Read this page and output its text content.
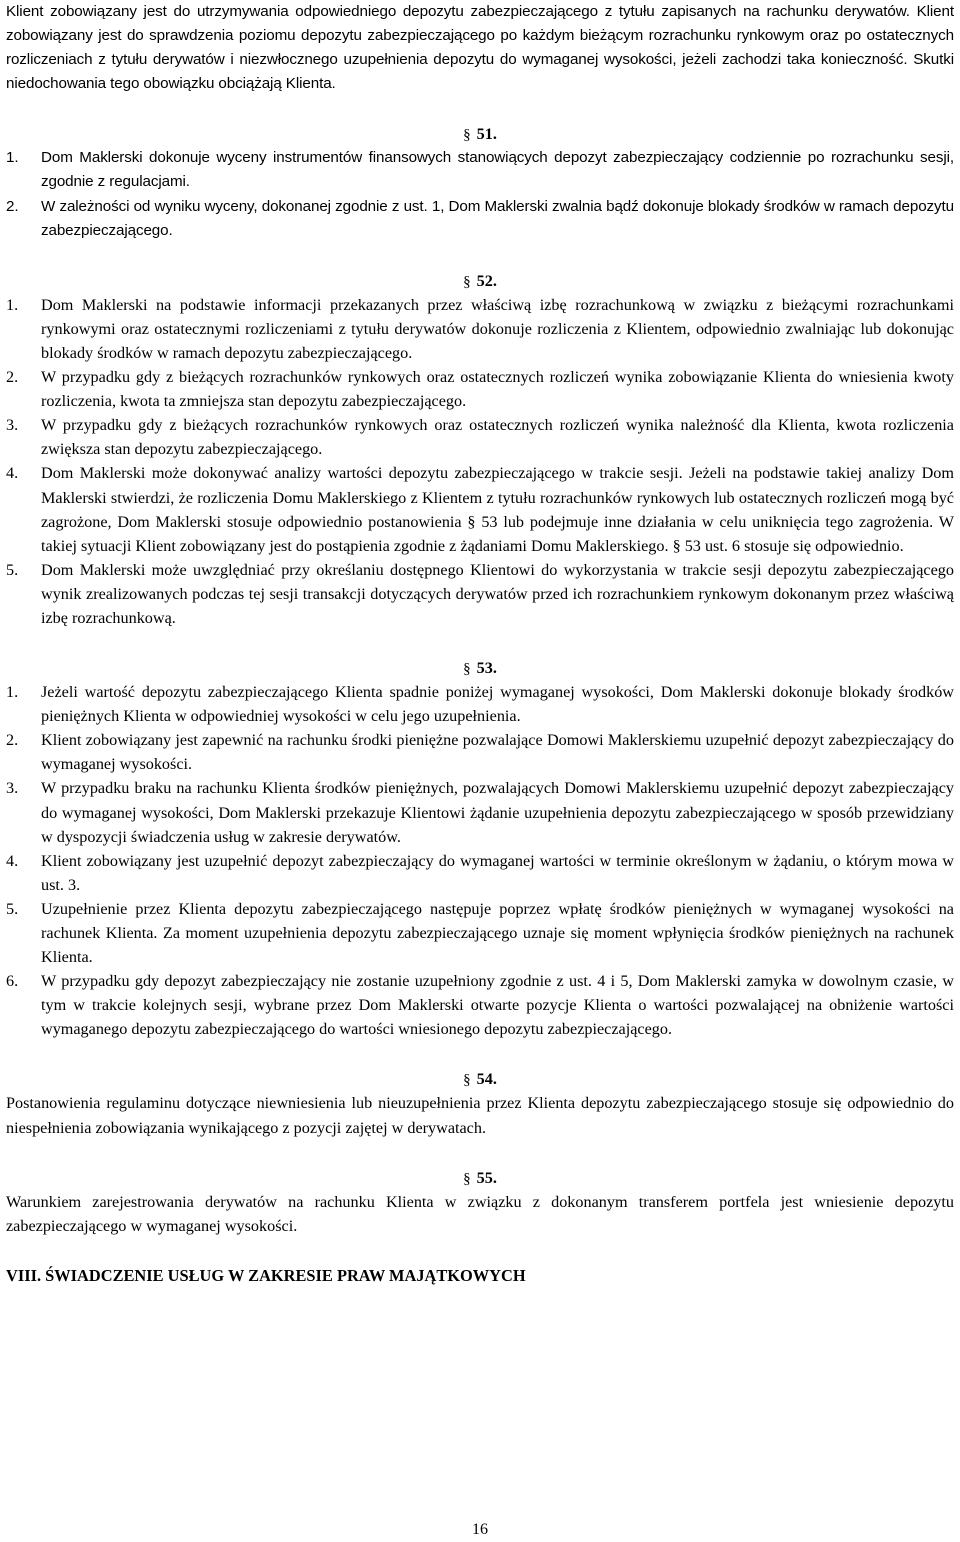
Klient zobowiązany jest do utrzymywania odpowiedniego depozytu zabezpieczającego z tytułu zapisanych na rachunku derywatów. Klient zobowiązany jest do sprawdzenia poziomu depozytu zabezpieczającego po każdym bieżącym rozrachunku rynkowym oraz po ostatecznych rozliczeniach z tytułu derywatów i niezwłocznego uzupełnienia depozytu do wymaganej wysokości, jeżeli zachodzi taka konieczność. Skutki niedochowania tego obowiązku obciążają Klienta.

§ 51.
1.	Dom Maklerski dokonuje wyceny instrumentów finansowych stanowiących depozyt zabezpieczający codziennie po rozrachunku sesji, zgodnie z regulacjami.
2.	W zależności od wyniku wyceny, dokonanej zgodnie z ust. 1, Dom Maklerski zwalnia bądź dokonuje blokady środków w ramach depozytu zabezpieczającego.
§ 52.
1.	Dom Maklerski na podstawie informacji przekazanych przez właściwą izbę rozrachunkową w związku z bieżącymi rozrachunkami rynkowymi oraz ostatecznymi rozliczeniami z tytułu derywatów dokonuje rozliczenia z Klientem, odpowiednio zwalniając lub dokonując blokady środków w ramach depozytu zabezpieczającego.
2.	W przypadku gdy z bieżących rozrachunków rynkowych oraz ostatecznych rozliczeń wynika zobowiązanie Klienta do wniesienia kwoty rozliczenia, kwota ta zmniejsza stan depozytu zabezpieczającego.
3.	W przypadku gdy z bieżących rozrachunków rynkowych oraz ostatecznych rozliczeń wynika należność dla Klienta, kwota rozliczenia zwiększa stan depozytu zabezpieczającego.
4.	Dom Maklerski może dokonywać analizy wartości depozytu zabezpieczającego w trakcie sesji. Jeżeli na podstawie takiej analizy Dom Maklerski stwierdzi, że rozliczenia Domu Maklerskiego z Klientem z tytułu rozrachunków rynkowych lub ostatecznych rozliczeń mogą być zagrożone, Dom Maklerski stosuje odpowiednio postanowienia § 53 lub podejmuje inne działania w celu uniknięcia tego zagrożenia. W takiej sytuacji Klient zobowiązany jest do postąpienia zgodnie z żądaniami Domu Maklerskiego. § 53 ust. 6 stosuje się odpowiednio.
5.	Dom Maklerski może uwzględniać przy określaniu dostępnego Klientowi do wykorzystania w trakcie sesji depozytu zabezpieczającego wynik zrealizowanych podczas tej sesji transakcji dotyczących derywatów przed ich rozrachunkiem rynkowym dokonanym przez właściwą izbę rozrachunkową.
§ 53.
1.	Jeżeli wartość depozytu zabezpieczającego Klienta spadnie poniżej wymaganej wysokości, Dom Maklerski dokonuje blokady środków pieniężnych Klienta w odpowiedniej wysokości w celu jego uzupełnienia.
2.	Klient zobowiązany jest zapewnić na rachunku środki pieniężne pozwalające Domowi Maklerskiemu uzupełnić depozyt zabezpieczający do wymaganej wysokości.
3.	W przypadku braku na rachunku Klienta środków pieniężnych, pozwalających Domowi Maklerskiemu uzupełnić depozyt zabezpieczający do wymaganej wysokości, Dom Maklerski przekazuje Klientowi żądanie uzupełnienia depozytu zabezpieczającego w sposób przewidziany w dyspozycji świadczenia usług w zakresie derywatów.
4.	Klient zobowiązany jest uzupełnić depozyt zabezpieczający do wymaganej wartości w terminie określonym w żądaniu, o którym mowa w ust. 3.
5.	Uzupełnienie przez Klienta depozytu zabezpieczającego następuje poprzez wpłatę środków pieniężnych w wymaganej wysokości na rachunek Klienta. Za moment uzupełnienia depozytu zabezpieczającego uznaje się moment wpłynięcia środków pieniężnych na rachunek Klienta.
6.	W przypadku gdy depozyt zabezpieczający nie zostanie uzupełniony zgodnie z ust. 4 i 5, Dom Maklerski zamyka w dowolnym czasie, w tym w trakcie kolejnych sesji, wybrane przez Dom Maklerski otwarte pozycje Klienta o wartości pozwalającej na obniżenie wartości wymaganego depozytu zabezpieczającego do wartości wniesionego depozytu zabezpieczającego.
§ 54.

Postanowienia regulaminu dotyczące niewniesienia lub nieuzupełnienia przez Klienta depozytu zabezpieczającego stosuje się odpowiednio do niespełnienia zobowiązania wynikającego z pozycji zajętej w derywatach.

§ 55.

Warunkiem zarejestrowania derywatów na rachunku Klienta w związku z dokonanym transferem portfela jest wniesienie depozytu zabezpieczającego w wymaganej wysokości.

VIII. ŚWIADCZENIE USŁUG W ZAKRESIE PRAW MAJĄTKOWYCH
16
